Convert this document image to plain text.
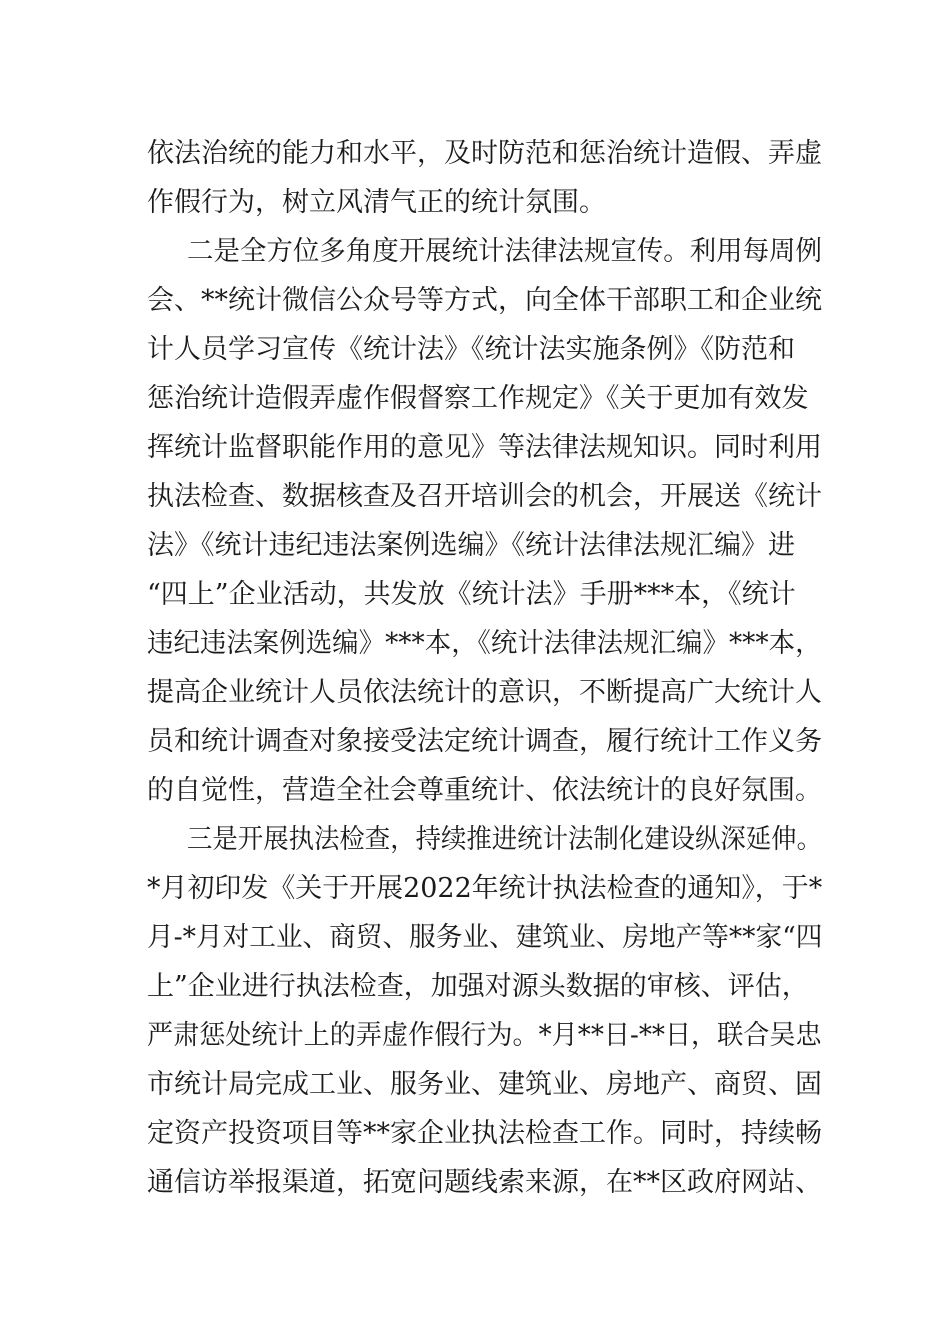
依法治统的能力和水平，及时防范和惩治统计造假、弄虚

作假行为，树立风清气正的统计氛围。

二是全方位多角度开展统计法律法规宣传。利用每周例

会、**统计微信公众号等方式，向全体干部职工和企业统

计人员学习宣传《统计法》《统计法实施条例》《防范和

惩治统计造假弄虚作假督察工作规定》《关于更加有效发

挥统计监督职能作用的意见》等法律法规知识。同时利用

执法检查、数据核查及召开培训会的机会，开展送《统计

法》《统计违纪违法案例选编》《统计法律法规汇编》进

“四上”企业活动，共发放《统计法》手册***本，《统计

违纪违法案例选编》***本，《统计法律法规汇编》***本，

提高企业统计人员依法统计的意识，不断提高广大统计人

员和统计调查对象接受法定统计调查，履行统计工作义务

的自觉性，营造全社会尊重统计、依法统计的良好氛围。

三是开展执法检查，持续推进统计法制化建设纵深延伸。

*月初印发《关于开展2022年统计执法检查的通知》，于*

月-*月对工业、商贸、服务业、建筑业、房地产等**家“四

上”企业进行执法检查，加强对源头数据的审核、评估，

严肃惩处统计上的弄虚作假行为。*月**日-**日，联合吴忠

市统计局完成工业、服务业、建筑业、房地产、商贸、固

定资产投资项目等**家企业执法检查工作。同时，持续畅

通信访举报渠道，拓宽问题线索来源，在**区政府网站、
